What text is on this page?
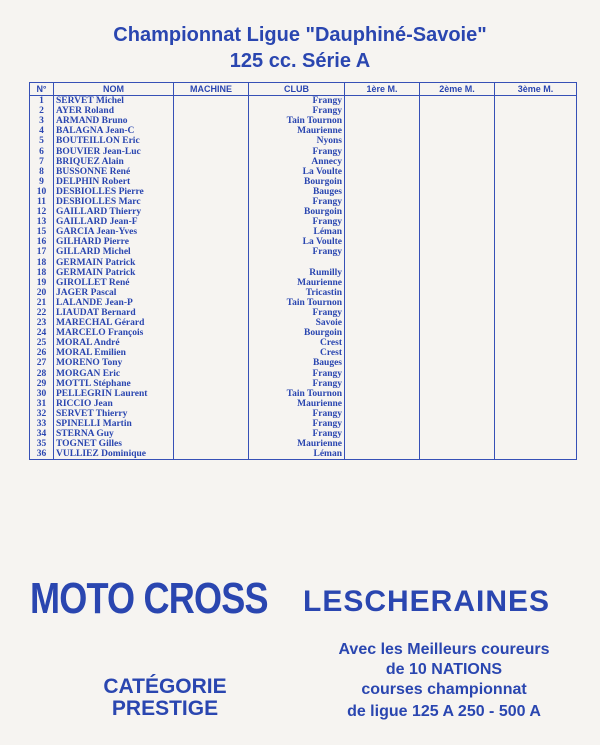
Championnat Ligue "Dauphiné-Savoie"
125 cc. Série A
N°	NOM	MACHINE	CLUB	1ère M.	2ème M.	3ème M.
1	SERVET Michel		Frangy			
2	AYER Roland		Frangy			
3	ARMAND Bruno		Tain Tournon			
4	BALAGNA Jean-C		Maurienne			
5	BOUTEILLON Eric		Nyons			
6	BOUVIER Jean-Luc		Frangy			
7	BRIQUEZ Alain		Annecy			
8	BUSSONNE René		La Voulte			
9	DELPHIN Robert		Bourgoin			
10	DESBIOLLES Pierre		Bauges			
11	DESBIOLLES Marc		Frangy			
12	GAILLARD Thierry		Bourgoin			
13	GAILLARD Jean-F		Frangy			
15	GARCIA Jean-Yves		Léman			
16	GILHARD Pierre		La Voulte			
17	GILLARD Michel		Frangy			
18	GERMAIN Patrick					
18	GERMAIN Patrick		Rumilly			
19	GIROLLET René		Maurienne			
20	JAGER Pascal		Tricastin			
21	LALANDE Jean-P		Tain Tournon			
22	LIAUDAT Bernard		Frangy			
23	MARECHAL Gérard		Savoie			
24	MARCELO François		Bourgoin			
25	MORAL André		Crest			
26	MORAL Emilien		Crest			
27	MORENO Tony		Bauges			
28	MORGAN Eric		Frangy			
29	MOTTL Stéphane		Frangy			
30	PELLEGRIN Laurent		Tain Tournon			
31	RICCIO Jean		Maurienne			
32	SERVET Thierry		Frangy			
33	SPINELLI Martin		Frangy			
34	STERNA Guy		Frangy			
35	TOGNET Gilles		Maurienne			
36	VULLIEZ Dominique		Léman			
MOTO CROSS LESCHERAINES
Avec les Meilleurs coureurs
de 10 NATIONS
courses championnat
de ligue 125 A 250 - 500 A
CATÉGORIE
PRESTIGE
